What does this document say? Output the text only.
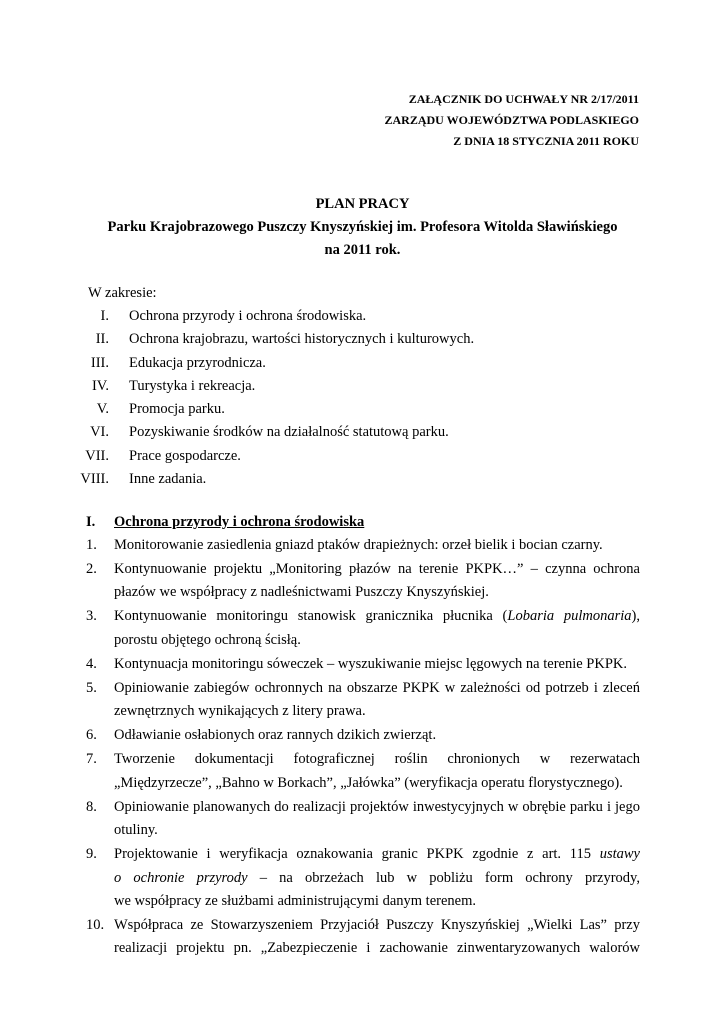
ZAŁĄCZNIK DO UCHWAŁY NR 2/17/2011
ZARZĄDU WOJEWÓDZTWA PODLASKIEGO
Z DNIA 18 STYCZNIA 2011 ROKU
PLAN PRACY
Parku Krajobrazowego Puszczy Knyszyńskiej im. Profesora Witolda Sławińskiego
na 2011 rok.
W zakresie:
I. Ochrona przyrody i ochrona środowiska.
II. Ochrona krajobrazu, wartości historycznych i kulturowych.
III. Edukacja przyrodnicza.
IV. Turystyka i rekreacja.
V. Promocja parku.
VI. Pozyskiwanie środków na działalność statutową parku.
VII. Prace gospodarcze.
VIII. Inne zadania.
I.	Ochrona przyrody i ochrona środowiska
1.	Monitorowanie zasiedlenia gniazd ptaków drapieżnych: orzeł bielik i bocian czarny.
2.	Kontynuowanie projektu „Monitoring płazów na terenie PKPK…” – czynna ochrona
płazów we współpracy z nadleśnictwami Puszczy Knyszyńskiej.
3.	Kontynuowanie monitoringu stanowisk granicznika płucnika (Lobaria pulmonaria),
porostu objętego ochroną ścisłą.
4.	Kontynuacja monitoringu sóweczek – wyszukiwanie miejsc lęgowych na terenie PKPK.
5.	Opiniowanie zabiegów ochronnych na obszarze PKPK w zależności od potrzeb i zleceń
zewnętrznych wynikających z litery prawa.
6.	Odławianie osłabionych oraz rannych dzikich zwierząt.
7.	Tworzenie dokumentacji fotograficznej roślin chronionych w rezerwatach
„Międzyrzecze”, „Bahno w Borkach”, „Jałówka” (weryfikacja operatu florystycznego).
8.	Opiniowanie planowanych do realizacji projektów inwestycyjnych w obrębie parku i jego
otuliny.
9.	Projektowanie i weryfikacja oznakowania granic PKPK zgodnie z art. 115 ustawy
o ochronie przyrody – na obrzeżach lub w pobliżu form ochrony przyrody,
we współpracy ze służbami administrującymi danym terenem.
10. Współpraca ze Stowarzyszeniem Przyjaciół Puszczy Knyszyńskiej „Wielki Las” przy
realizacji projektu pn. „Zabezpieczenie i zachowanie zinwentaryzowanych walorów
